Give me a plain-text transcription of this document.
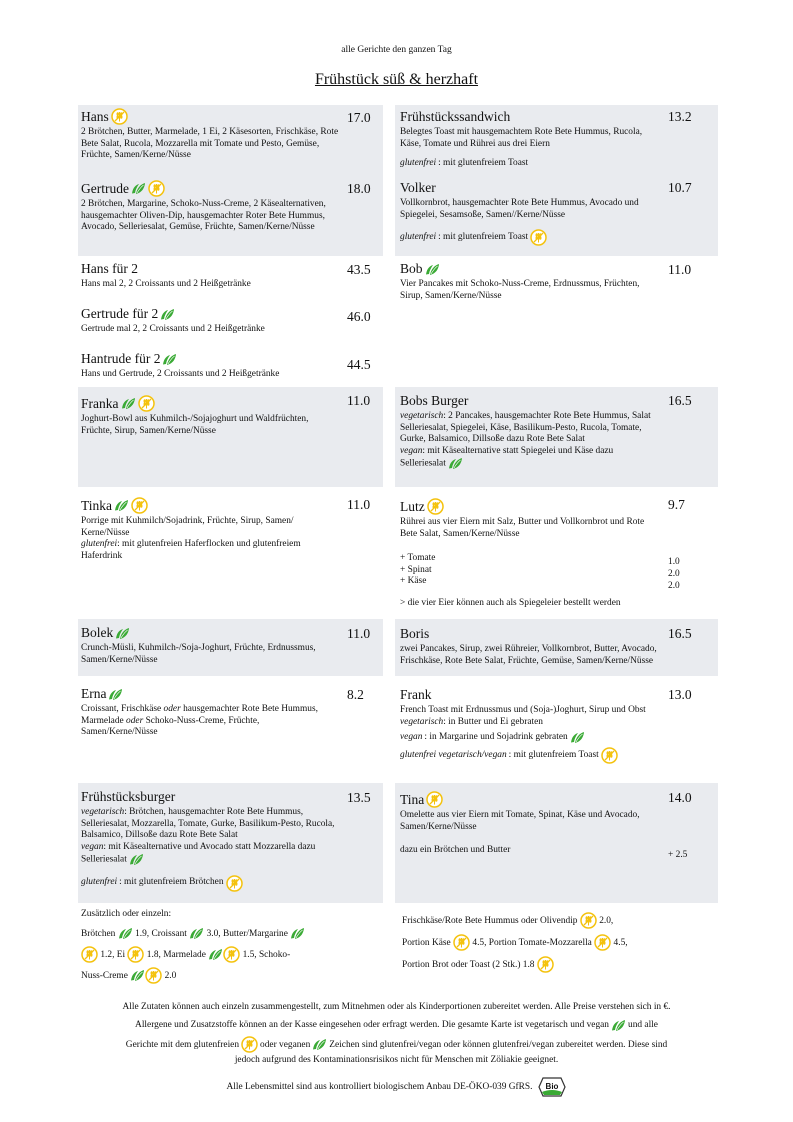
alle Gerichte den ganzen Tag
Frühstück süß & herzhaft
Hans
2 Brötchen, Butter, Marmelade, 1 Ei, 2 Käsesorten, Frischkäse, Rote Bete Salat, Rucola, Mozzarella mit Tomate und Pesto, Gemüse, Früchte, Samen/Kerne/Nüsse
17.0
Gertrude
2 Brötchen, Margarine, Schoko-Nuss-Creme, 2 Käsealternativen, hausgemachter Oliven-Dip, hausgemachter Roter Bete Hummus, Avocado, Selleriesalat, Gemüse, Früchte, Samen/Kerne/Nüsse
18.0
Hans für 2
Hans mal 2, 2 Croissants und 2 Heißgetränke
43.5
Gertrude für 2
Gertrude mal 2, 2 Croissants und 2 Heißgetränke
46.0
Hantrude für 2
Hans und Gertrude, 2 Croissants und 2 Heißgetränke
44.5
Franka
Joghurt-Bowl aus Kuhmilch-/Sojajoghurt und Waldfrüchten, Früchte, Sirup, Samen/Kerne/Nüsse
11.0
Tinka
Porrige mit Kuhmilch/Sojadrink, Früchte, Sirup, Samen/ Kerne/Nüsse
glutenfrei: mit glutenfreien Haferflocken und glutenfreiem Haferdrink
11.0
Bolek
Crunch-Müsli, Kuhmilch-/Soja-Joghurt, Früchte, Erdnussmus, Samen/Kerne/Nüsse
11.0
Erna
Croissant, Frischkäse oder hausgemachter Rote Bete Hummus, Marmelade oder Schoko-Nuss-Creme, Früchte, Samen/Kerne/Nüsse
8.2
Frühstücksburger
vegetarisch: Brötchen, hausgemachter Rote Bete Hummus, Selleriesalat, Mozzarella, Tomate, Gurke, Basilikum-Pesto, Rucola, Balsamico, Dillsoße dazu Rote Bete Salat
vegan: mit Käsealternative und Avocado statt Mozzarella dazu Selleriesalat
glutenfrei : mit glutenfreiem Brötchen
13.5
Frühstückssandwich
Belegtes Toast mit hausgemachtem Rote Bete Hummus, Rucola, Käse, Tomate und Rührei aus drei Eiern
glutenfrei : mit glutenfreiem Toast
13.2
Volker
Vollkornbrot, hausgemachter Rote Bete Hummus, Avocado und Spiegelei, Sesamsoße, Samen//Kerne/Nüsse
glutenfrei : mit glutenfreiem Toast
10.7
Bob
Vier Pancakes mit Schoko-Nuss-Creme, Erdnussmus, Früchten, Sirup, Samen/Kerne/Nüsse
11.0
Bobs Burger
vegetarisch: 2 Pancakes, hausgemachter Rote Bete Hummus, Salat Selleriesalat, Spiegelei, Käse, Basilikum-Pesto, Rucola, Tomate, Gurke, Balsamico, Dillsoße dazu Rote Bete Salat
vegan: mit Käsealternative statt Spiegelei und Käse dazu Selleriesalat
16.5
Lutz
Rührei aus vier Eiern mit Salz, Butter und Vollkornbrot und Rote Bete Salat, Samen/Kerne/Nüsse
+ Tomate
+ Spinat
+ Käse
> die vier Eier können auch als Spiegeleier bestellt werden
9.7
1.0
2.0
2.0
Boris
zwei Pancakes, Sirup, zwei Rühreier, Vollkornbrot, Butter, Avocado, Frischkäse, Rote Bete Salat, Früchte, Gemüse, Samen/Kerne/Nüsse
16.5
Frank
French Toast mit Erdnussmus und (Soja-)Joghurt, Sirup und Obst
vegetarisch: in Butter und Ei gebraten
vegan : in Margarine und Sojadrink gebraten
glutenfrei vegetarisch/vegan : mit glutenfreiem Toast
13.0
Tina
Omelette aus vier Eiern mit Tomate, Spinat, Käse und Avocado, Samen/Kerne/Nüsse
dazu ein Brötchen und Butter
14.0
+ 2.5
Zusätzlich oder einzeln:
Brötchen 1.9, Croissant 3.0, Butter/Margarine
1.2, Ei 1.8, Marmelade	1.5, Schoko-
Nuss-Creme	2.0
Frischkäse/Rote Bete Hummus oder Olivendip 2.0,
Portion Käse 4.5, Portion Tomate-Mozzarella 4.5,
Portion Brot oder Toast (2 Stk.) 1.8
Alle Zutaten können auch einzeln zusammengestellt, zum Mitnehmen oder als Kinderportionen zubereitet werden. Alle Preise verstehen sich in €.
Allergene und Zusatzstoffe können an der Kasse eingesehen oder erfragt werden. Die gesamte Karte ist vegetarisch und vegan und alle
Gerichte mit dem glutenfreien oder veganen Zeichen sind glutenfrei/vegan oder können glutenfrei/vegan zubereitet werden. Diese sind
jedoch aufgrund des Kontaminationsrisikos nicht für Menschen mit Zöliakie geeignet.
Alle Lebensmittel sind aus kontrolliert biologischem Anbau DE-ÖKO-039 GfRS. Bio
